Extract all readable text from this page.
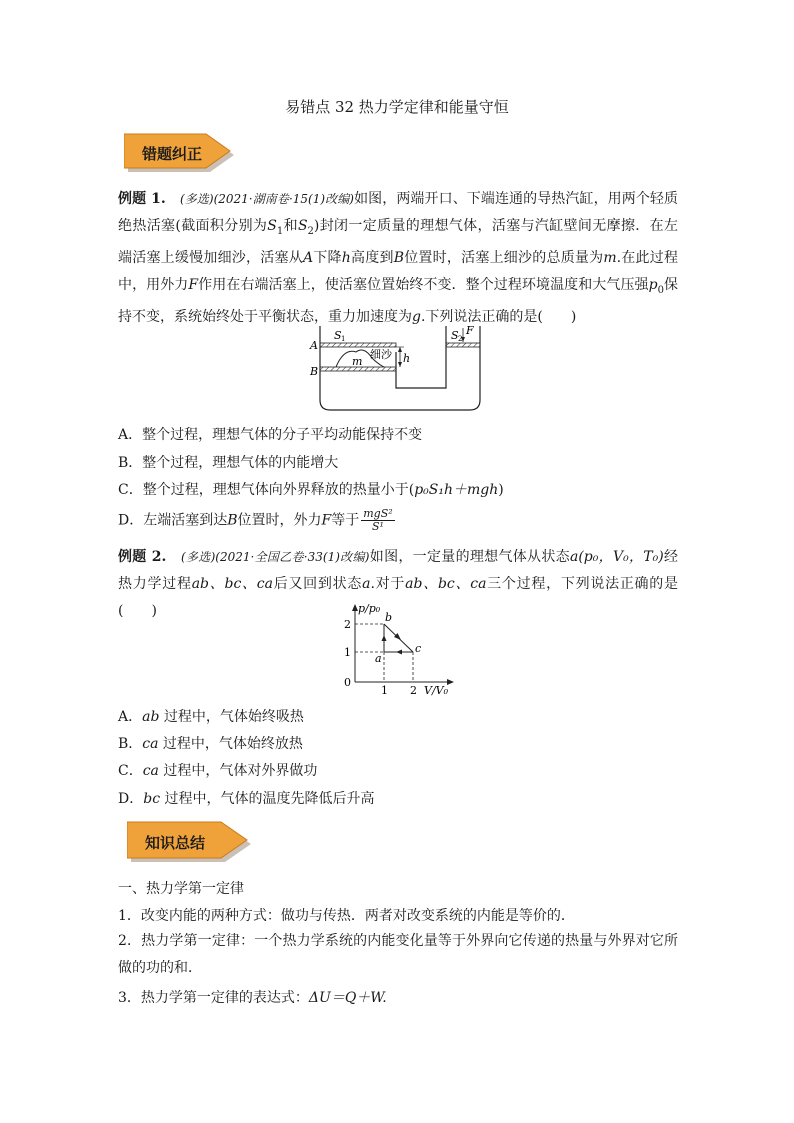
易错点 32 热力学定律和能量守恒
错题纠正
例题 1.　 (多选)(2021·湖南卷·15(1)改编)如图，两端开口、下端连通的导热汽缸，用两个轻质绝热活塞(截面积分别为$S_1$和$S_2$)封闭一定质量的理想气体，活塞与汽缸壁间无摩擦．在左端活塞上缓慢加细沙，活塞从A下降h高度到B位置时，活塞上细沙的总质量为m.在此过程中，用外力F作用在右端活塞上，使活塞位置始终不变．整个过程环境温度和大气压强$p_0$保持不变，系统始终处于平衡状态，重力加速度为g.下列说法正确的是(　　)
S 1	S 2
F
A
B
h
m
细沙
A．整个过程，理想气体的分子平均动能保持不变
B．整个过程，理想气体的内能增大
C．整个过程，理想气体向外界释放的热量小于(p₀S₁h＋mgh)
D．左端活塞到达B位置时，外力F等于 $\frac{\text{mgS²}}{\text{S¹}}$
例题 2.　 (多选)(2021·全国乙卷·33(1)改编)如图，一定量的理想气体从状态a(p₀，V₀，T₀)经热力学过程ab、bc、ca后又回到状态a.对于ab、bc、ca三个过程，下列说法正确的是(　　)	p/p₀
V/V₀
2
1
0
1 2
a
b
c
A．ab 过程中，气体始终吸热
B．ca 过程中，气体始终放热
C．ca 过程中，气体对外界做功
D．bc 过程中，气体的温度先降低后升高
知识总结
一、热力学第一定律
1．改变内能的两种方式：做功与传热．两者对改变系统的内能是等价的．
2．热力学第一定律：一个热力学系统的内能变化量等于外界向它传递的热量与外界对它所做的功的和．
3．热力学第一定律的表达式：ΔU＝Q＋W.
